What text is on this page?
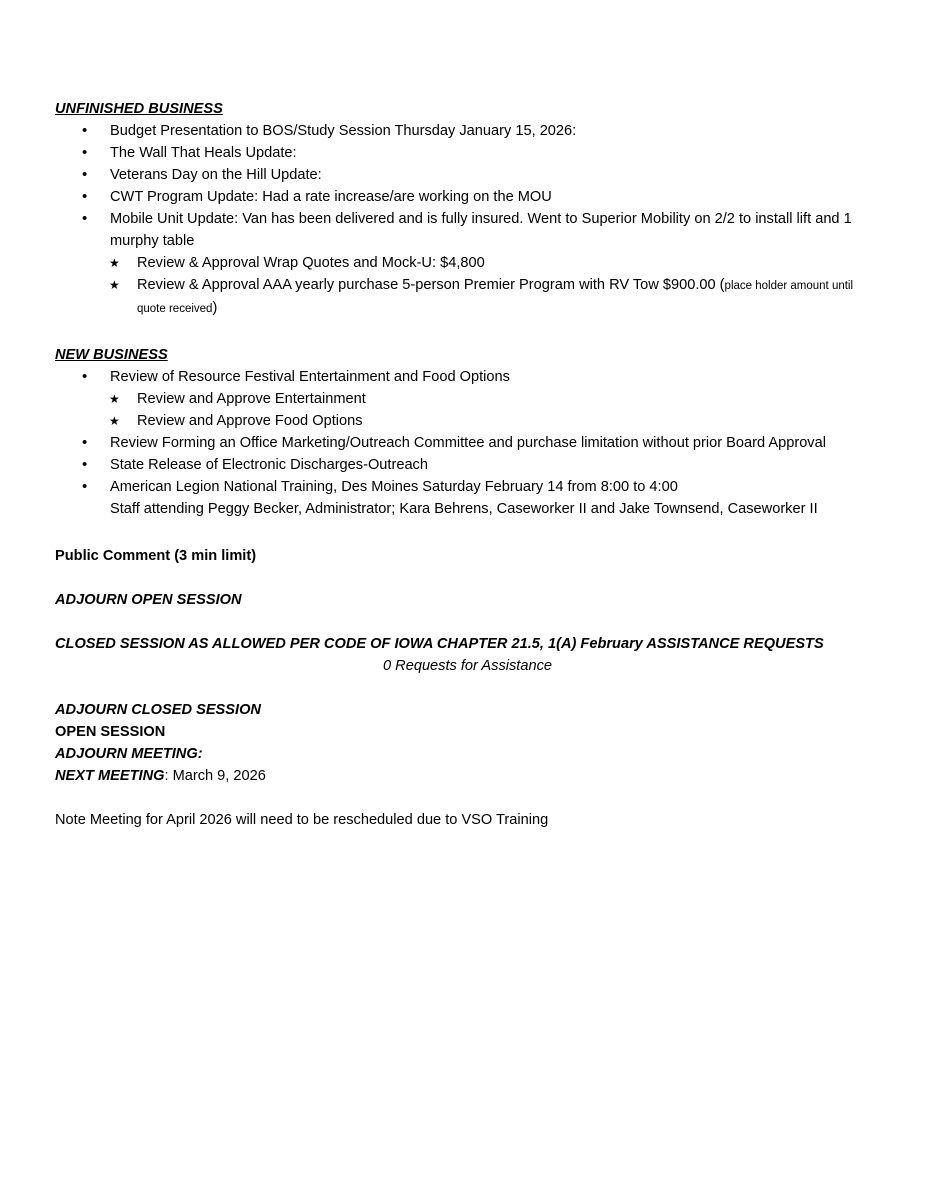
UNFINISHED BUSINESS
• Budget Presentation to BOS/Study Session Thursday January 15, 2026:
• The Wall That Heals Update:
• Veterans Day on the Hill Update:
• CWT Program Update: Had a rate increase/are working on the MOU
• Mobile Unit Update: Van has been delivered and is fully insured. Went to Superior Mobility on 2/2 to install lift and 1 murphy table
★ Review & Approval Wrap Quotes and Mock-U: $4,800
★ Review & Approval AAA yearly purchase 5-person Premier Program with RV Tow $900.00 (place holder amount until quote received)
NEW BUSINESS
• Review of Resource Festival Entertainment and Food Options
★ Review and Approve Entertainment
★ Review and Approve Food Options
• Review Forming an Office Marketing/Outreach Committee and purchase limitation without prior Board Approval
• State Release of Electronic Discharges-Outreach
• American Legion National Training, Des Moines Saturday February 14 from 8:00 to 4:00
Staff attending Peggy Becker, Administrator; Kara Behrens, Caseworker II and Jake Townsend, Caseworker II
Public Comment (3 min limit)
ADJOURN OPEN SESSION
CLOSED SESSION AS ALLOWED PER CODE OF IOWA CHAPTER 21.5, 1(A) February ASSISTANCE REQUESTS
0 Requests for Assistance
ADJOURN CLOSED SESSION
OPEN SESSION
ADJOURN MEETING:
NEXT MEETING: March 9, 2026
Note Meeting for April 2026 will need to be rescheduled due to VSO Training
